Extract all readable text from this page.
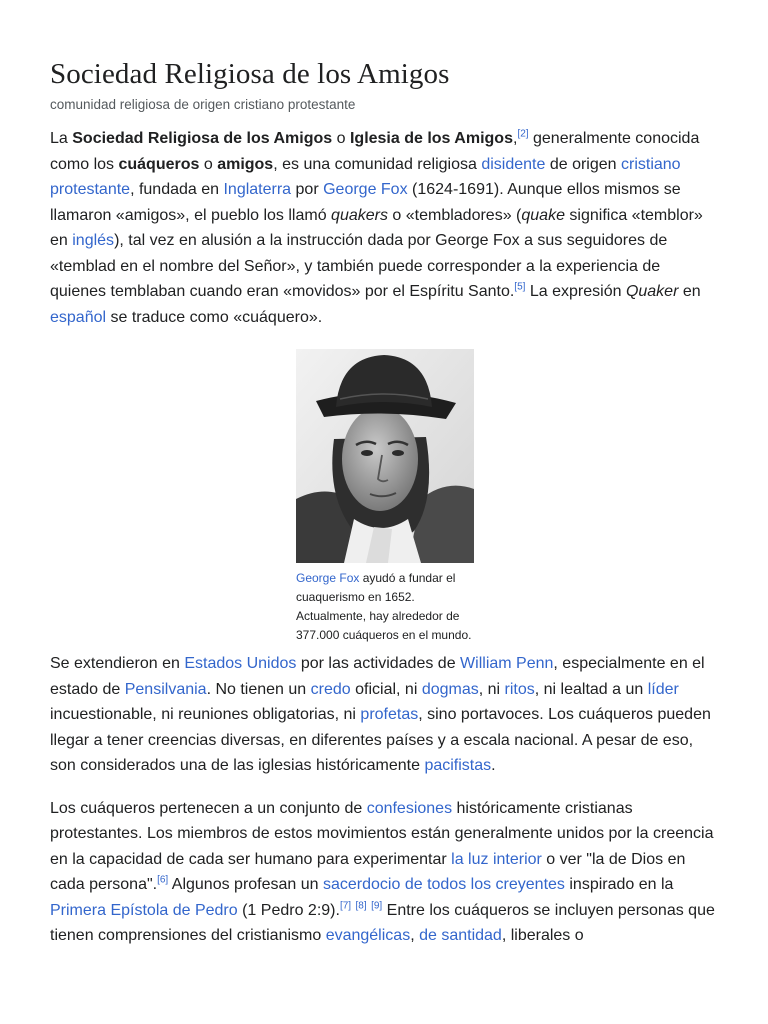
Sociedad Religiosa de los Amigos
comunidad religiosa de origen cristiano protestante

La Sociedad Religiosa de los Amigos o Iglesia de los Amigos,[2] generalmente conocida como los cuáqueros o amigos, es una comunidad religiosa disidente de origen cristiano protestante, fundada en Inglaterra por George Fox (1624-1691). Aunque ellos mismos se llamaron «amigos», el pueblo los llamó quakers o «tembladores» (quake significa «temblor» en inglés), tal vez en alusión a la instrucción dada por George Fox a sus seguidores de «temblad en el nombre del Señor», y también puede corresponder a la experiencia de quienes temblaban cuando eran «movidos» por el Espíritu Santo.[5] La expresión Quaker en español se traduce como «cuáquero».

George Fox ayudó a fundar el cuaquerismo en 1652. Actualmente, hay alrededor de 377.000 cuáqueros en el mundo.

Se extendieron en Estados Unidos por las actividades de William Penn, especialmente en el estado de Pensilvania. No tienen un credo oficial, ni dogmas, ni ritos, ni lealtad a un líder incuestionable, ni reuniones obligatorias, ni profetas, sino portavoces. Los cuáqueros pueden llegar a tener creencias diversas, en diferentes países y a escala nacional. A pesar de eso, son considerados una de las iglesias históricamente pacifistas.

Los cuáqueros pertenecen a un conjunto de confesiones históricamente cristianas protestantes. Los miembros de estos movimientos están generalmente unidos por la creencia en la capacidad de cada ser humano para experimentar la luz interior o ver "la de Dios en cada persona".[6] Algunos profesan un sacerdocio de todos los creyentes inspirado en la Primera Epístola de Pedro (1 Pedro 2:9).[7] [8] [9] Entre los cuáqueros se incluyen personas que tienen comprensiones del cristianismo evangélicas, de santidad, liberales o
